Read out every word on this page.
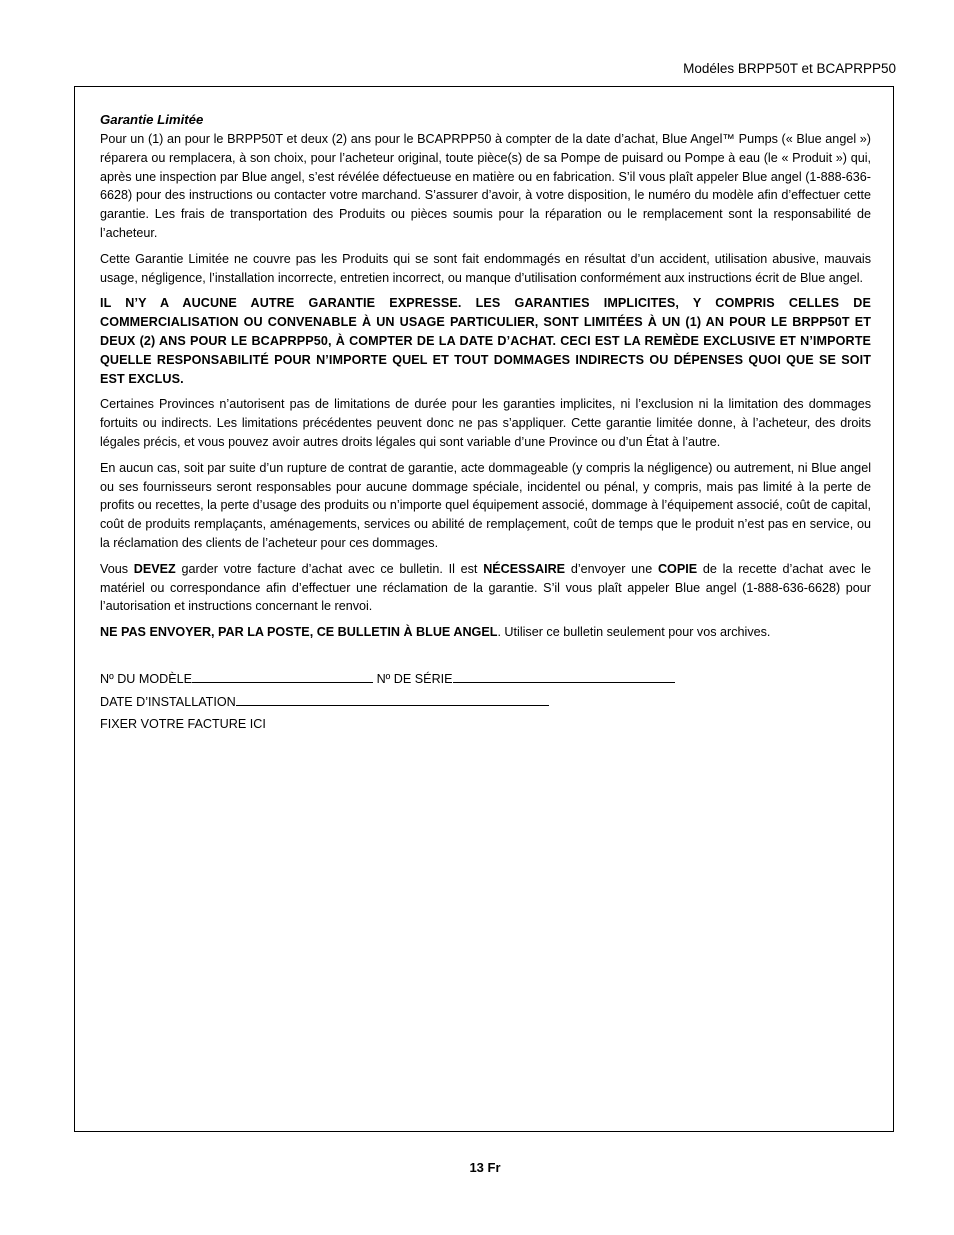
Modéles BRPP50T et BCAPRPP50
Garantie Limitée

Pour un (1) an pour le BRPP50T et deux (2) ans pour le BCAPRPP50 à compter de la date d’achat, Blue Angel™ Pumps (« Blue angel ») réparera ou remplacera, à son choix, pour l’acheteur original, toute pièce(s) de sa Pompe de puisard ou Pompe à eau (le « Produit ») qui, après une inspection par Blue angel, s’est révélée défectueuse en matière ou en fabrication. S’il vous plaît appeler Blue angel (1-888-636-6628) pour des instructions ou contacter votre marchand. S’assurer d’avoir, à votre disposition, le numéro du modèle afin d’effectuer cette garantie. Les frais de transportation des Produits ou pièces soumis pour la réparation ou le remplacement sont la responsabilité de l’acheteur.

Cette Garantie Limitée ne couvre pas les Produits qui se sont fait endommagés en résultat d’un accident, utilisation abusive, mauvais usage, négligence, l’installation incorrecte, entretien incorrect, ou manque d’utilisation conformément aux instructions écrit de Blue angel.

IL N’Y A AUCUNE AUTRE GARANTIE EXPRESSE. LES GARANTIES IMPLICITES, Y COMPRIS CELLES DE COMMERCIALISATION OU CONVENABLE À UN USAGE PARTICULIER, SONT LIMITÉES À UN (1) AN POUR LE BRPP50T ET DEUX (2) ANS POUR LE BCAPRPP50, À COMPTER DE LA DATE D’ACHAT. CECI EST LA REMÈDE EXCLUSIVE ET N’IMPORTE QUELLE RESPONSABILITÉ POUR N’IMPORTE QUEL ET TOUT DOMMAGES INDIRECTS OU DÉPENSES QUOI QUE SE SOIT EST EXCLUS.

Certaines Provinces n’autorisent pas de limitations de durée pour les garanties implicites, ni l’exclusion ni la limitation des dommages fortuits ou indirects. Les limitations précédentes peuvent donc ne pas s’appliquer. Cette garantie limitée donne, à l’acheteur, des droits légales précis, et vous pouvez avoir autres droits légales qui sont variable d’une Province ou d’un État à l’autre.

En aucun cas, soit par suite d’un rupture de contrat de garantie, acte dommageable (y compris la négligence) ou autrement, ni Blue angel ou ses fournisseurs seront responsables pour aucune dommage spéciale, incidentel ou pénal, y compris, mais pas limité à la perte de profits ou recettes, la perte d’usage des produits ou n’importe quel équipement associé, dommage à l’équipement associé, coût de capital, coût de produits remplaçants, aménagements, services ou abilité de remplaçement, coût de temps que le produit n’est pas en service, ou la réclamation des clients de l’acheteur pour ces dommages.

Vous DEVEZ garder votre facture d’achat avec ce bulletin. Il est NÉCESSAIRE d’envoyer une COPIE de la recette d’achat avec le matériel ou correspondance afin d’effectuer une réclamation de la garantie. S’il vous plaît appeler Blue angel (1-888-636-6628) pour l’autorisation et instructions concernant le renvoi.

NE PAS ENVOYER, PAR LA POSTE, CE BULLETIN À BLUE ANGEL. Utiliser ce bulletin seulement pour vos archives.

Nº DU MODÈLE	Nº DE SÉRIE
DATE D’INSTALLATION
FIXER VOTRE FACTURE ICI
13 Fr
